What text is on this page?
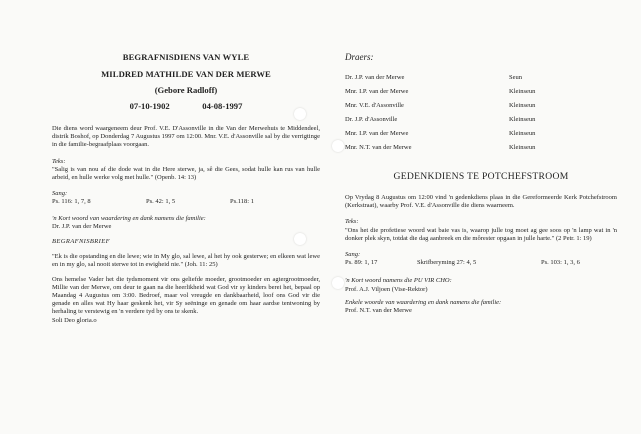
BEGRAFNISDIENS VAN WYLE

MILDRED MATHILDE VAN DER MERWE

(Gebore Radloff)

07-10-1902    04-08-1997

Die diens word waargeneem deur Prof. V.E. D'Assonville in die Van der Merwehuis te Middendeel, distrik Boshof, op Donderdag 7 Augustus 1997 om 12:00. Mnr. V.E. d'Assonville sal by die verrigtinge in die familie-begraafplaas voorgaan.

Teks:

"Salig is van nou af die dode wat in die Here sterwe, ja, sê die Gees, sodat hulle kan rus van hulle arbeid, en hulle werke volg met hulle." (Openb. 14: 13)

Sang:

Ps. 116: 1, 7, 8	Ps. 42: 1, 5	Ps.118: 1

'n Kort woord van waardering en dank namens die familie:

Dr. J.P. van der Merwe

BEGRAFNISBRIEF

"Ek is die opstanding en die lewe; wie in My glo, sal lewe, al het hy ook gesterwe; en elkeen wat lewe en in my glo, sal nooit sterwe tot in ewigheid nie." (Joh. 11: 25)

Ons hemelse Vader het die tydsmoment vir ons geliefde moeder, grootmoeder en agtergrootmoeder, Millie van der Merwe, om deur te gaan na die heerlikheid wat God vir sy kinders berei het, bepaal op Maandag 4 Augustus om 3:00. Bedroef, maar vol vreugde en dankbaarheid, loof ons God vir die genade en alles wat Hy haar geskenk het, vir Sy seëninge en genade om haar aardse tentwoning by herhaling te verstewig en 'n verdere tyd by ons te skenk.

Soli Deo gloria.o

Draers:

Dr. J.P. van der Merwe	Seun
Mnr. I.P. van der Merwe	Kleinseun
Mnr. V.E. d'Assonville	Kleinseun
Dr. J.P. d'Assonville	Kleinseun
Mnr. I.P. van der Merwe	Kleinseun
Mnr. N.T. van der Merwe	Kleinseun

GEDENKDIENS TE POTCHEFSTROOM

Op Vrydag 8 Augustus om 12:00 vind 'n gedenkdiens plaas in die Gereformeerde Kerk Potchefstroom (Kerkstraat), waarby Prof. V.E. d'Assonville die diens waarneem.

Teks:

"Ons het die profetiese woord wat baie vas is, waarop julle tog moet ag gee soos op 'n lamp wat in 'n donker plek skyn, totdat die dag aanbreek en die môrester opgaan in julle harte." (2 Petr. 1: 19)

Sang:

Ps. 89: 1, 17	Skrifberyming 27: 4, 5	Ps. 103: 1, 3, 6

'n Kort woord namens die PU VIR CHO:

Prof. A.J. Viljoen (Vise-Rektor)

Enkele woorde van waardering en dank namens die familie:

Prof. N.T. van der Merwe
